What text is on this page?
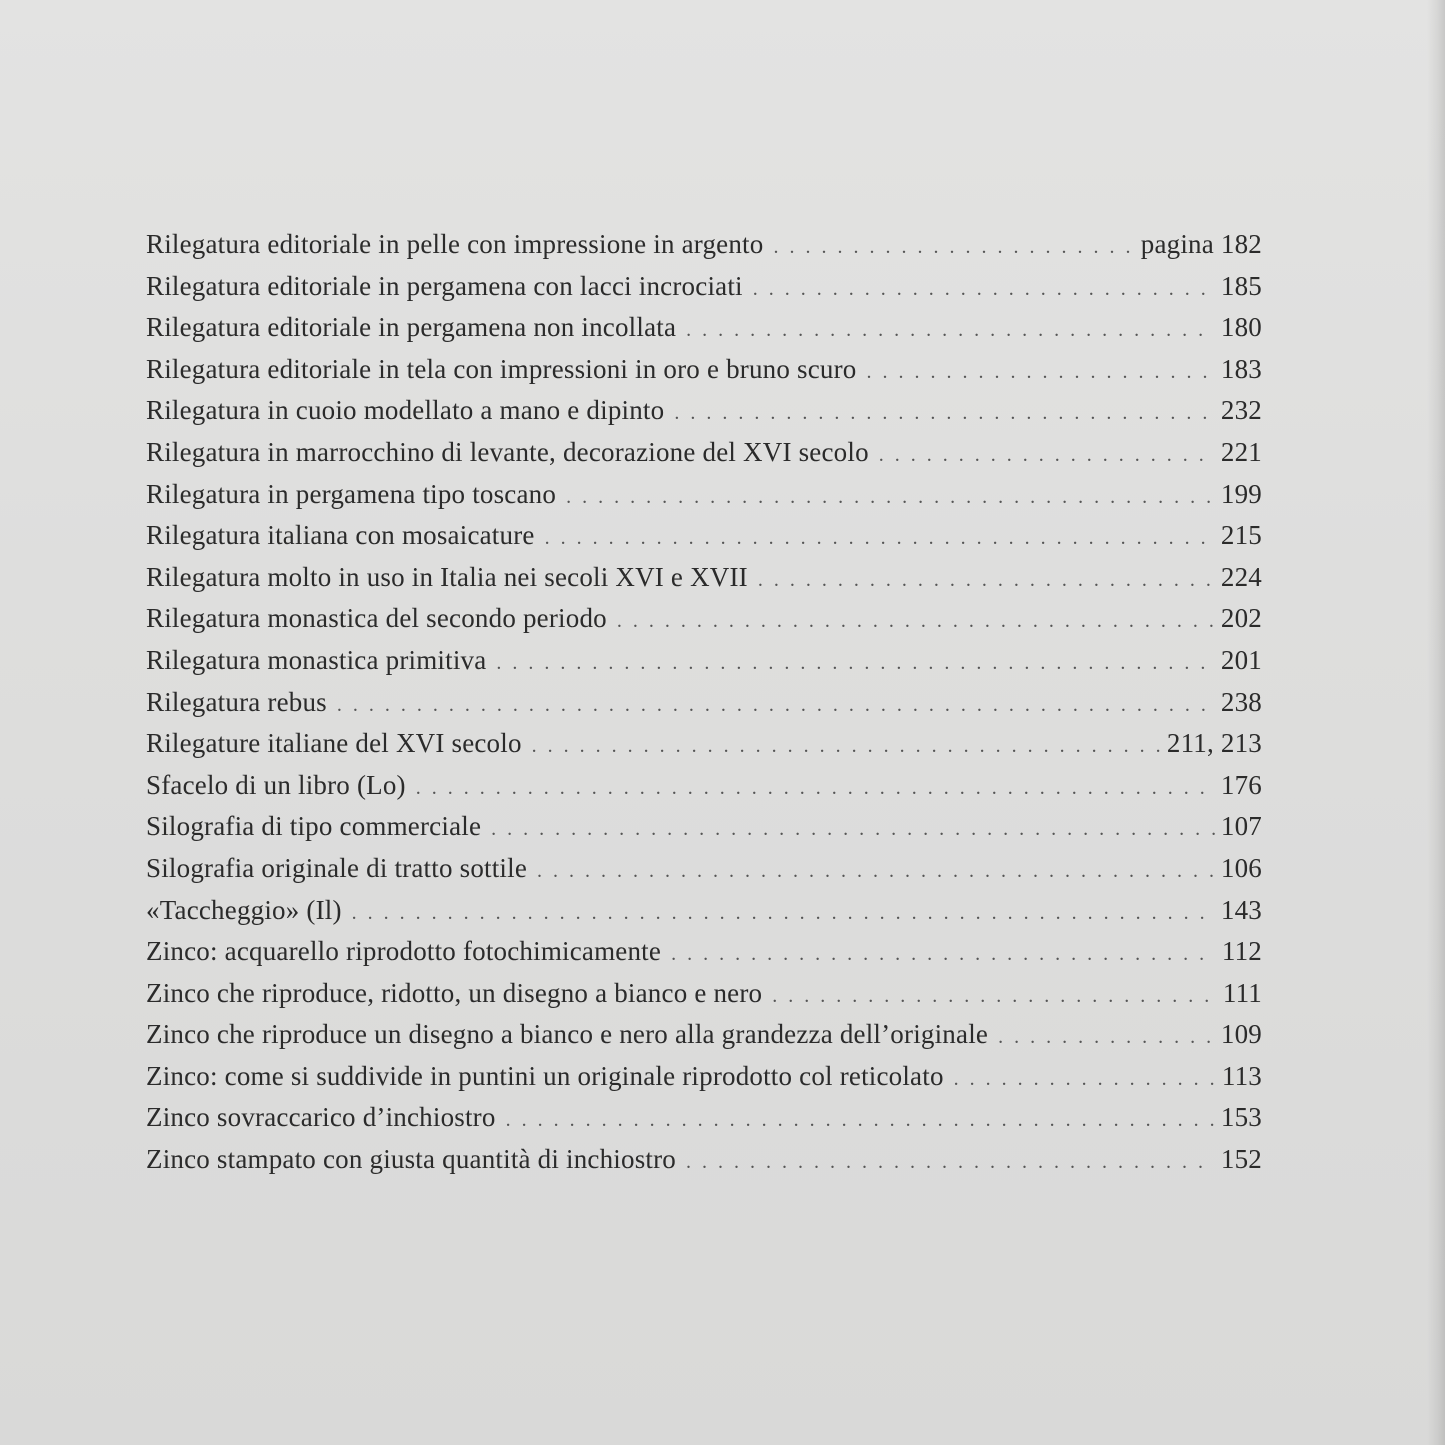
Rilegatura editoriale in pelle con impressione in argento . . .	pagina 182
Rilegatura editoriale in pergamena con lacci incrociati . . .	185
Rilegatura editoriale in pergamena non incollata . . .	180
Rilegatura editoriale in tela con impressioni in oro e bruno scuro . . .	183
Rilegatura in cuoio modellato a mano e dipinto . . .	232
Rilegatura in marrocchino di levante, decorazione del XVI secolo . . .	221
Rilegatura in pergamena tipo toscano . . .	199
Rilegatura italiana con mosaicature . . .	215
Rilegatura molto in uso in Italia nei secoli XVI e XVII . . .	224
Rilegatura monastica del secondo periodo . . .	202
Rilegatura monastica primitiva . . .	201
Rilegatura rebus . . .	238
Rilegature italiane del XVI secolo . . .	211, 213
Sfacelo di un libro (Lo) . . .	176
Silografia di tipo commerciale . . .	107
Silografia originale di tratto sottile . . .	106
«Taccheggio» (Il) . . .	143
Zinco: acquarello riprodotto fotochimicamente . . .	112
Zinco che riproduce, ridotto, un disegno a bianco e nero . . .	111
Zinco che riproduce un disegno a bianco e nero alla grandezza dell’originale . . .	109
Zinco: come si suddivide in puntini un originale riprodotto col reticolato . . .	113
Zinco sovraccarico d’inchiostro . . .	153
Zinco stampato con giusta quantità di inchiostro . . .	152
